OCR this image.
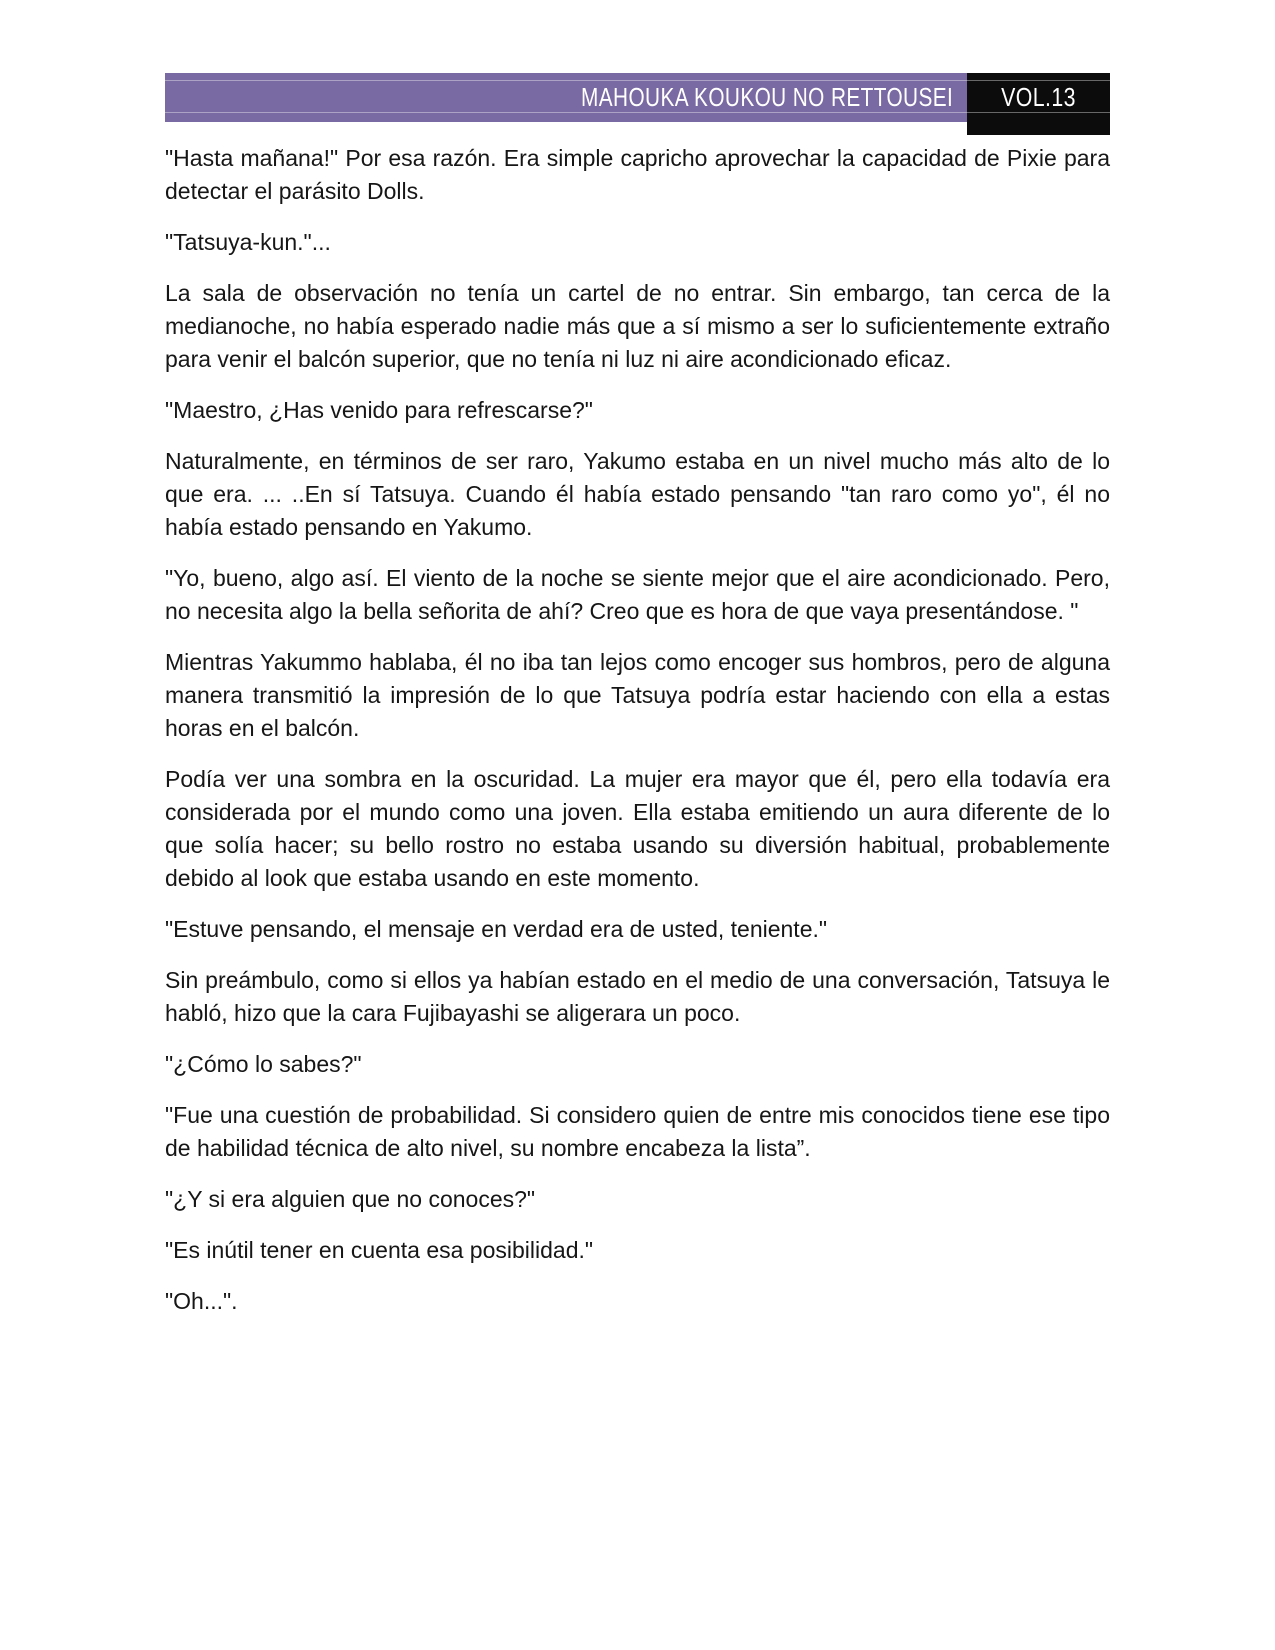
MAHOUKA KOUKOU NO RETTOUSEI	VOL.13

"Hasta mañana!" Por esa razón. Era simple capricho aprovechar la capacidad de Pixie para detectar el parásito Dolls.

"Tatsuya-kun."...

La sala de observación no tenía un cartel de no entrar. Sin embargo, tan cerca de la medianoche, no había esperado nadie más que a sí mismo a ser lo suficientemente extraño para venir el balcón superior, que no tenía ni luz ni aire acondicionado eficaz.

"Maestro, ¿Has venido para refrescarse?"

Naturalmente, en términos de ser raro, Yakumo estaba en un nivel mucho más alto de lo que era. ... ..En sí Tatsuya. Cuando él había estado pensando "tan raro como yo", él no había estado pensando en Yakumo.

"Yo, bueno, algo así. El viento de la noche se siente mejor que el aire acondicionado. Pero, no necesita algo la bella señorita de ahí? Creo que es hora de que vaya presentándose. "

Mientras Yakummo hablaba, él no iba tan lejos como encoger sus hombros, pero de alguna manera transmitió la impresión de lo que Tatsuya podría estar haciendo con ella a estas horas en el balcón.

Podía ver una sombra en la oscuridad. La mujer era mayor que él, pero ella todavía era considerada por el mundo como una joven. Ella estaba emitiendo un aura diferente de lo que solía hacer; su bello rostro no estaba usando su diversión habitual, probablemente debido al look que estaba usando en este momento.

"Estuve pensando, el mensaje en verdad era de usted, teniente."

Sin preámbulo, como si ellos ya habían estado en el medio de una conversación, Tatsuya le habló, hizo que la cara Fujibayashi se aligerara un poco.

"¿Cómo lo sabes?"

"Fue una cuestión de probabilidad. Si considero quien de entre mis conocidos tiene ese tipo de habilidad técnica de alto nivel, su nombre encabeza la lista”.

"¿Y si era alguien que no conoces?"

"Es inútil tener en cuenta esa posibilidad."

"Oh...".
